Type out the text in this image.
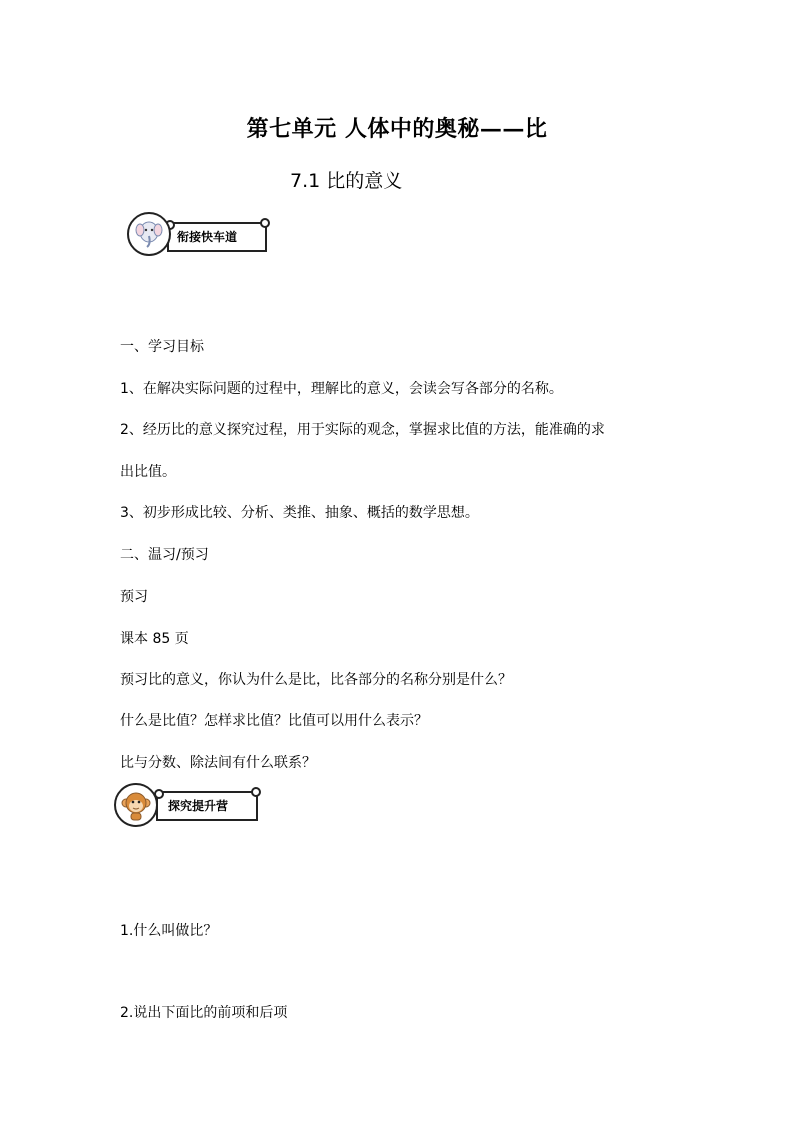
第七单元 人体中的奥秘——比
7.1 比的意义
衔接快车道
一、学习目标
1、在解决实际问题的过程中，理解比的意义，会读会写各部分的名称。
2、经历比的意义探究过程，用于实际的观念，掌握求比值的方法，能准确的求
出比值。
3、初步形成比较、分析、类推、抽象、概括的数学思想。
二、温习/预习
预习
课本 85 页
预习比的意义，你认为什么是比，比各部分的名称分别是什么？
什么是比值？怎样求比值？比值可以用什么表示？
比与分数、除法间有什么联系？
探究提升营
1.什么叫做比？
2.说出下面比的前项和后项
